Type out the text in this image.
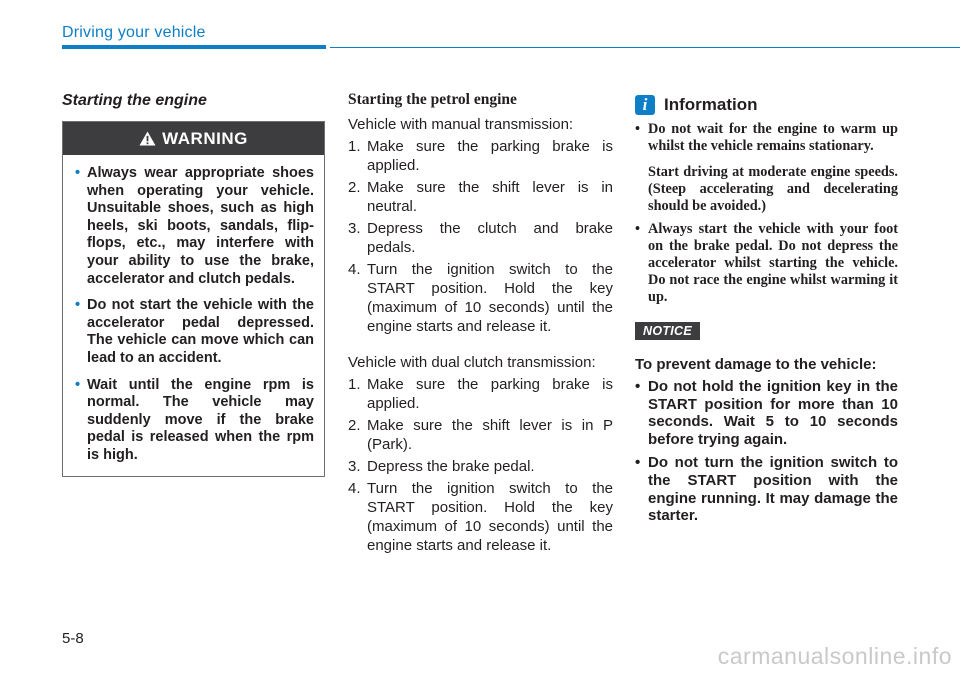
Driving your vehicle
Starting the engine
WARNING
• Always wear appropriate shoes when operating your vehicle. Unsuitable shoes, such as high heels, ski boots, sandals, flip-flops, etc., may interfere with your ability to use the brake, accelerator and clutch pedals.
• Do not start the vehicle with the accelerator pedal depressed. The vehicle can move which can lead to an accident.
• Wait until the engine rpm is normal. The vehicle may suddenly move if the brake pedal is released when the rpm is high.
Starting the petrol engine

Vehicle with manual transmission:

1. Make sure the parking brake is applied.
2. Make sure the shift lever is in neutral.
3. Depress the clutch and brake pedals.
4. Turn the ignition switch to the START position. Hold the key (maximum of 10 seconds) until the engine starts and release it.

Vehicle with dual clutch transmission:

1. Make sure the parking brake is applied.
2. Make sure the shift lever is in P (Park).
3. Depress the brake pedal.
4. Turn the ignition switch to the START position. Hold the key (maximum of 10 seconds) until the engine starts and release it.
i Information
• Do not wait for the engine to warm up whilst the vehicle remains stationary.
Start driving at moderate engine speeds. (Steep accelerating and decelerating should be avoided.)
• Always start the vehicle with your foot on the brake pedal. Do not depress the accelerator whilst starting the vehicle. Do not race the engine whilst warming it up.
NOTICE
To prevent damage to the vehicle:
• Do not hold the ignition key in the START position for more than 10 seconds. Wait 5 to 10 seconds before trying again.
• Do not turn the ignition switch to the START position with the engine running. It may damage the starter.
5-8
carmanualsonline.info
